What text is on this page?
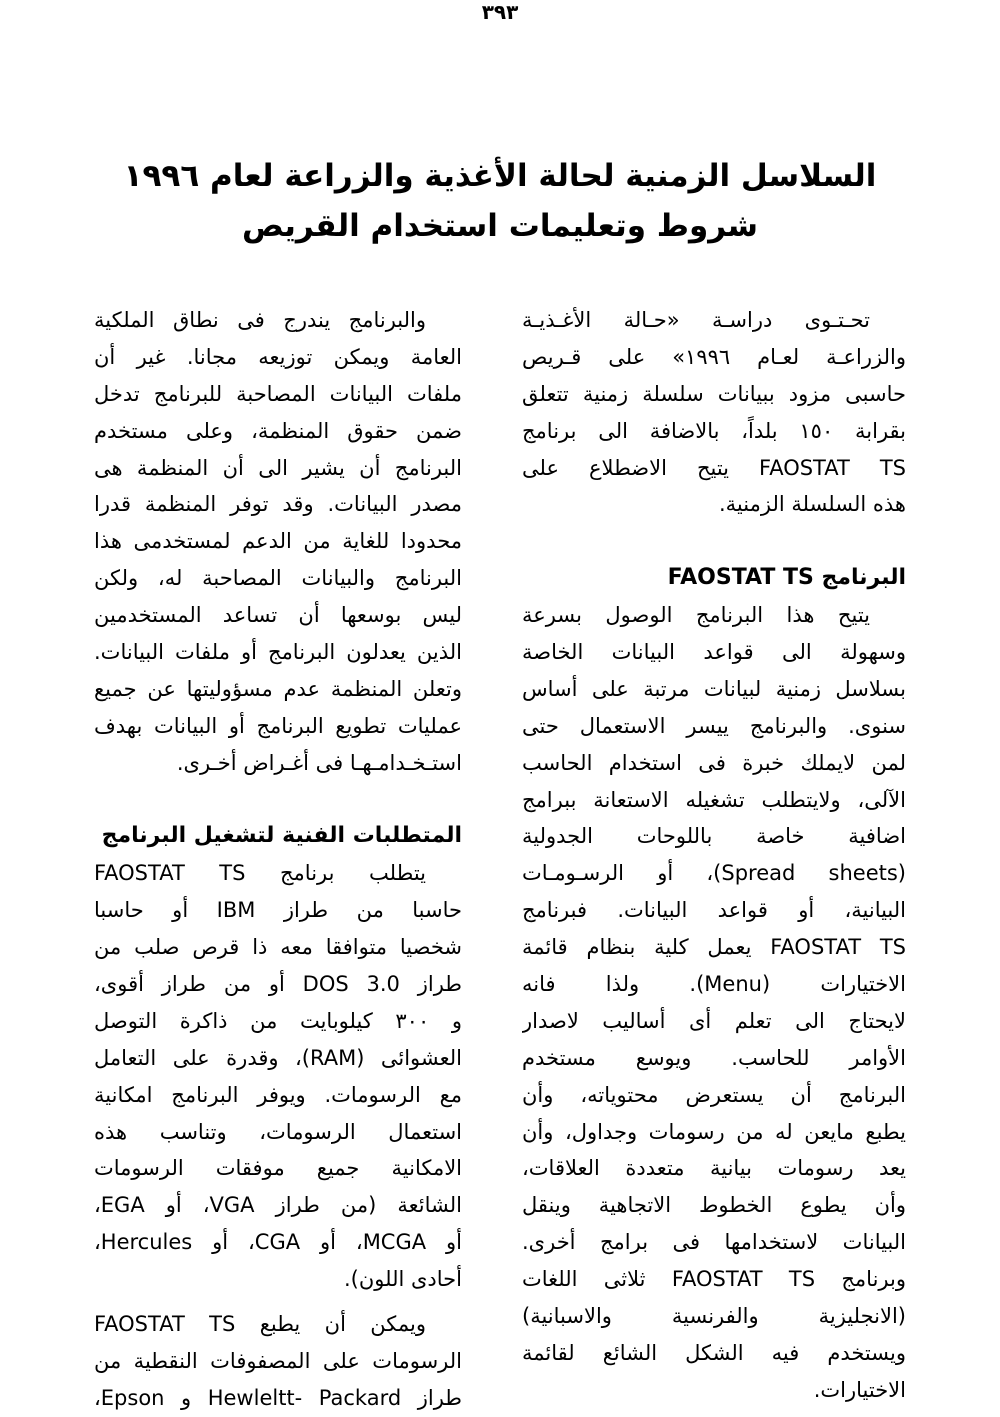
٣٩٣
السلاسل الزمنية لحالة الأغذية والزراعة لعام ١٩٩٦
شروط وتعليمات استخدام القريص
تحـتـوى دراسـة «حـالة الأغـذيـة
والزراعـة لعـام ١٩٩٦» على قـريص
حاسبى مزود ببيانات سلسلة زمنية تتعلق
بقرابة ١٥٠ بلداً، بالاضافة الى برنامج
FAOSTAT TS يتيح الاضطلاع على
هذه السلسلة الزمنية.
البرنامج FAOSTAT TS
يتيح هذا البرنامج الوصول بسرعة
وسهولة الى قواعد البيانات الخاصة
بسلاسل زمنية لبيانات مرتبة على أساس
سنوى. والبرنامج ييسر الاستعمال حتى
لمن لايملك خبرة فى استخدام الحاسب
الآلى، ولايتطلب تشغيله الاستعانة ببرامج
اضافية خاصة باللوحات الجدولية
(Spread sheets)، أو الرسـومـات
البيانية، أو قواعد البيانات. فبرنامج
FAOSTAT TS يعمل كلية بنظام قائمة
الاختيارات (Menu). ولذا فانه
لايحتاج الى تعلم أى أساليب لاصدار
الأوامر للحاسب. ويوسع مستخدم
البرنامج أن يستعرض محتوياته، وأن
يطبع مايعن له من رسومات وجداول، وأن
يعد رسومات بيانية متعددة العلاقات،
وأن يطوع الخطوط الاتجاهية وينقل
البيانات لاستخدامها فى برامج أخرى.
وبرنامج FAOSTAT TS ثلاثى اللغات
(الانجليزية والفرنسية والاسبانية)
ويستخدم فيه الشكل الشائع لقائمة
الاختيارات.
والبرنامج يندرج فى نطاق الملكية
العامة ويمكن توزيعه مجانا. غير أن
ملفات البيانات المصاحبة للبرنامج تدخل
ضمن حقوق المنظمة، وعلى مستخدم
البرنامج أن يشير الى أن المنظمة هى
مصدر البيانات. وقد توفر المنظمة قدرا
محدودا للغاية من الدعم لمستخدمى هذا
البرنامج والبيانات المصاحبة له، ولكن
ليس بوسعها أن تساعد المستخدمين
الذين يعدلون البرنامج أو ملفات البيانات.
وتعلن المنظمة عدم مسؤوليتها عن جميع
عمليات تطويع البرنامج أو البيانات بهدف
استـخـدامـهـا فى أغـراض أخـرى.
المتطلبات الفنية لتشغيل البرنامج
يتطلب برنامج FAOSTAT TS
حاسبا من طراز IBM أو حاسبا
شخصيا متوافقا معه ذا قرص صلب من
طراز DOS 3.0 أو من طراز أقوى،
و ٣٠٠ كيلوبايت من ذاكرة التوصل
العشوائى (RAM)، وقدرة على التعامل
مع الرسومات. ويوفر البرنامج امكانية
استعمال الرسومات، وتناسب هذه
الامكانية جميع موفقات الرسومات
الشائعة (من طراز VGA، أو EGA،
أو MCGA، أو CGA، أو Hercules،
أحادى اللون).
ويمكن أن يطبع FAOSTAT TS
الرسومات على المصفوفات النقطية من
طراز Hewleltt- Packard و Epson،
